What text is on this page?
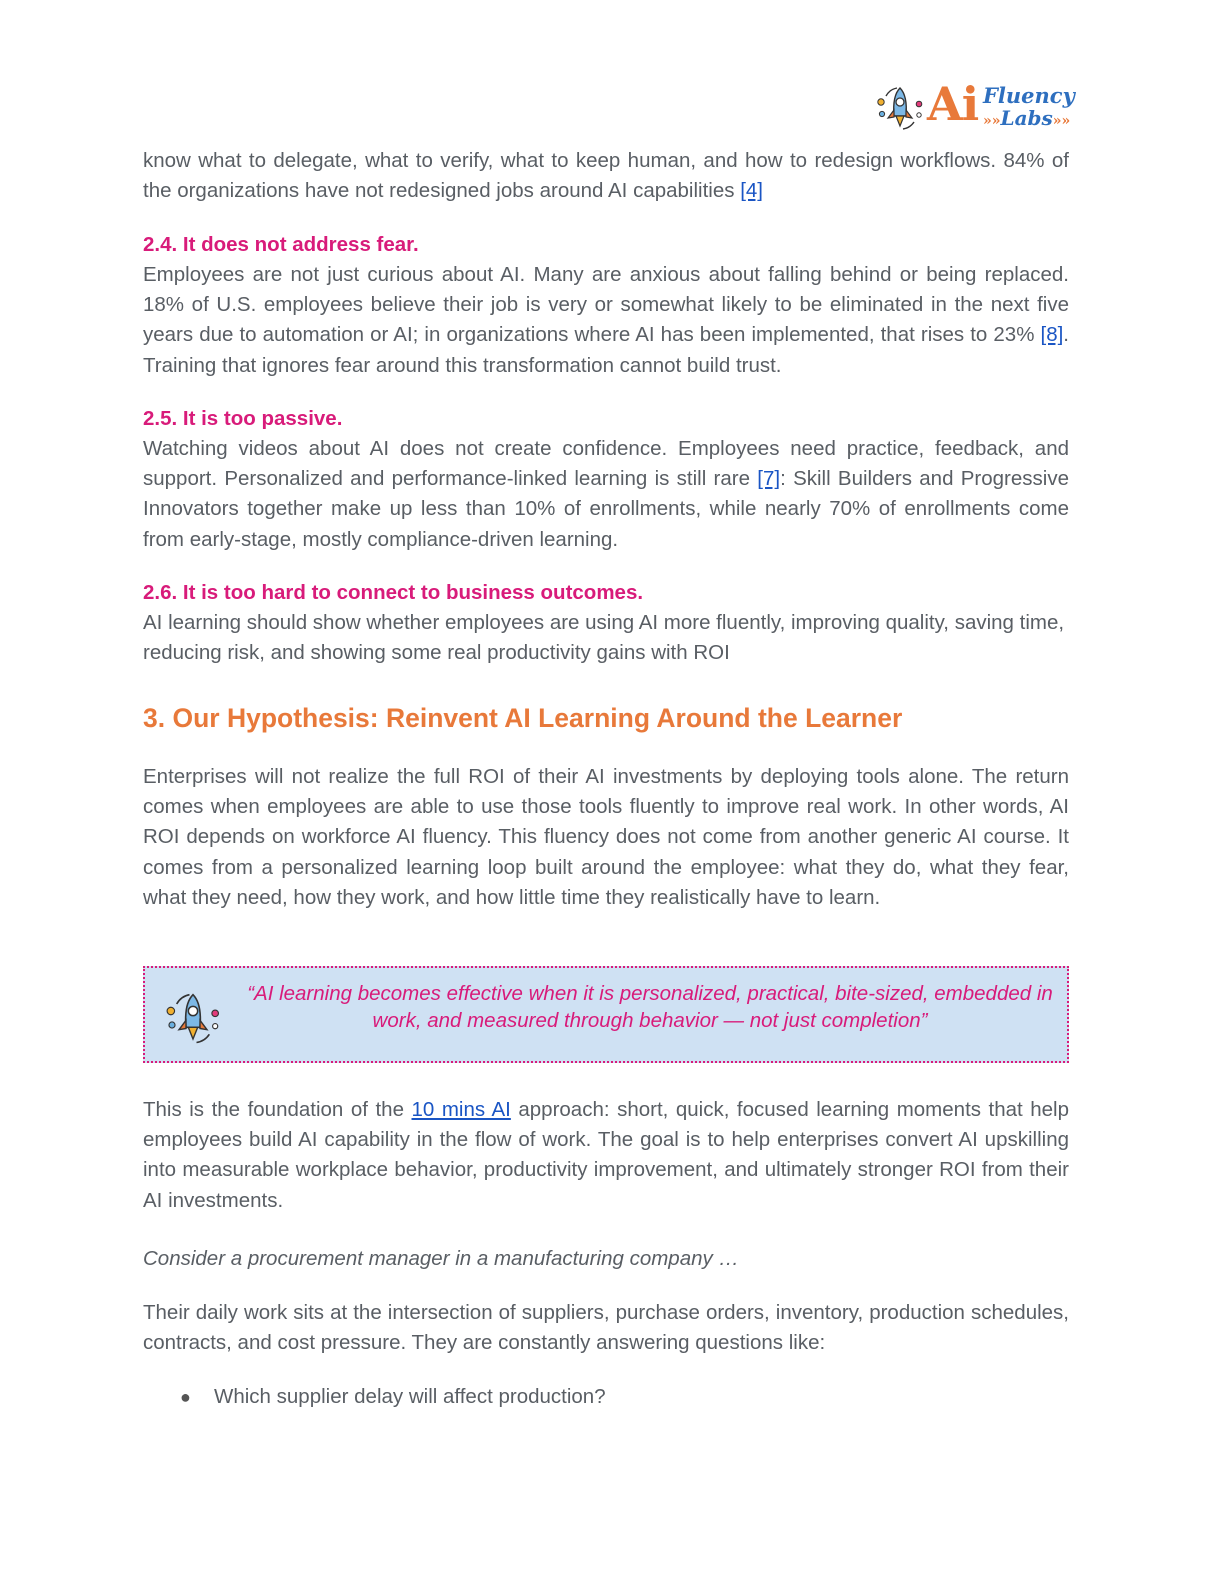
Ai Fluency
»»Labs»»

know what to delegate, what to verify, what to keep human, and how to redesign workflows. 84% of the organizations have not redesigned jobs around AI capabilities [4]

2.4. It does not address fear.

Employees are not just curious about AI. Many are anxious about falling behind or being replaced. 18% of U.S. employees believe their job is very or somewhat likely to be eliminated in the next five years due to automation or AI; in organizations where AI has been implemented, that rises to 23% [8]. Training that ignores fear around this transformation cannot build trust.

2.5. It is too passive.

Watching videos about AI does not create confidence. Employees need practice, feedback, and support. Personalized and performance-linked learning is still rare [7]: Skill Builders and Progressive Innovators together make up less than 10% of enrollments, while nearly 70% of enrollments come from early-stage, mostly compliance-driven learning.

2.6. It is too hard to connect to business outcomes.

AI learning should show whether employees are using AI more fluently, improving quality, saving time, reducing risk, and showing some real productivity gains with ROI

3. Our Hypothesis: Reinvent AI Learning Around the Learner

Enterprises will not realize the full ROI of their AI investments by deploying tools alone. The return comes when employees are able to use those tools fluently to improve real work. In other words, AI ROI depends on workforce AI fluency. This fluency does not come from another generic AI course. It comes from a personalized learning loop built around the employee: what they do, what they fear, what they need, how they work, and how little time they realistically have to learn.

“AI learning becomes effective when it is personalized, practical, bite-sized, embedded in work, and measured through behavior — not just completion”

This is the foundation of the 10 mins AI approach: short, quick, focused learning moments that help employees build AI capability in the flow of work. The goal is to help enterprises convert AI upskilling into measurable workplace behavior, productivity improvement, and ultimately stronger ROI from their AI investments.

Consider a procurement manager in a manufacturing company …

Their daily work sits at the intersection of suppliers, purchase orders, inventory, production schedules, contracts, and cost pressure. They are constantly answering questions like:

● Which supplier delay will affect production?
